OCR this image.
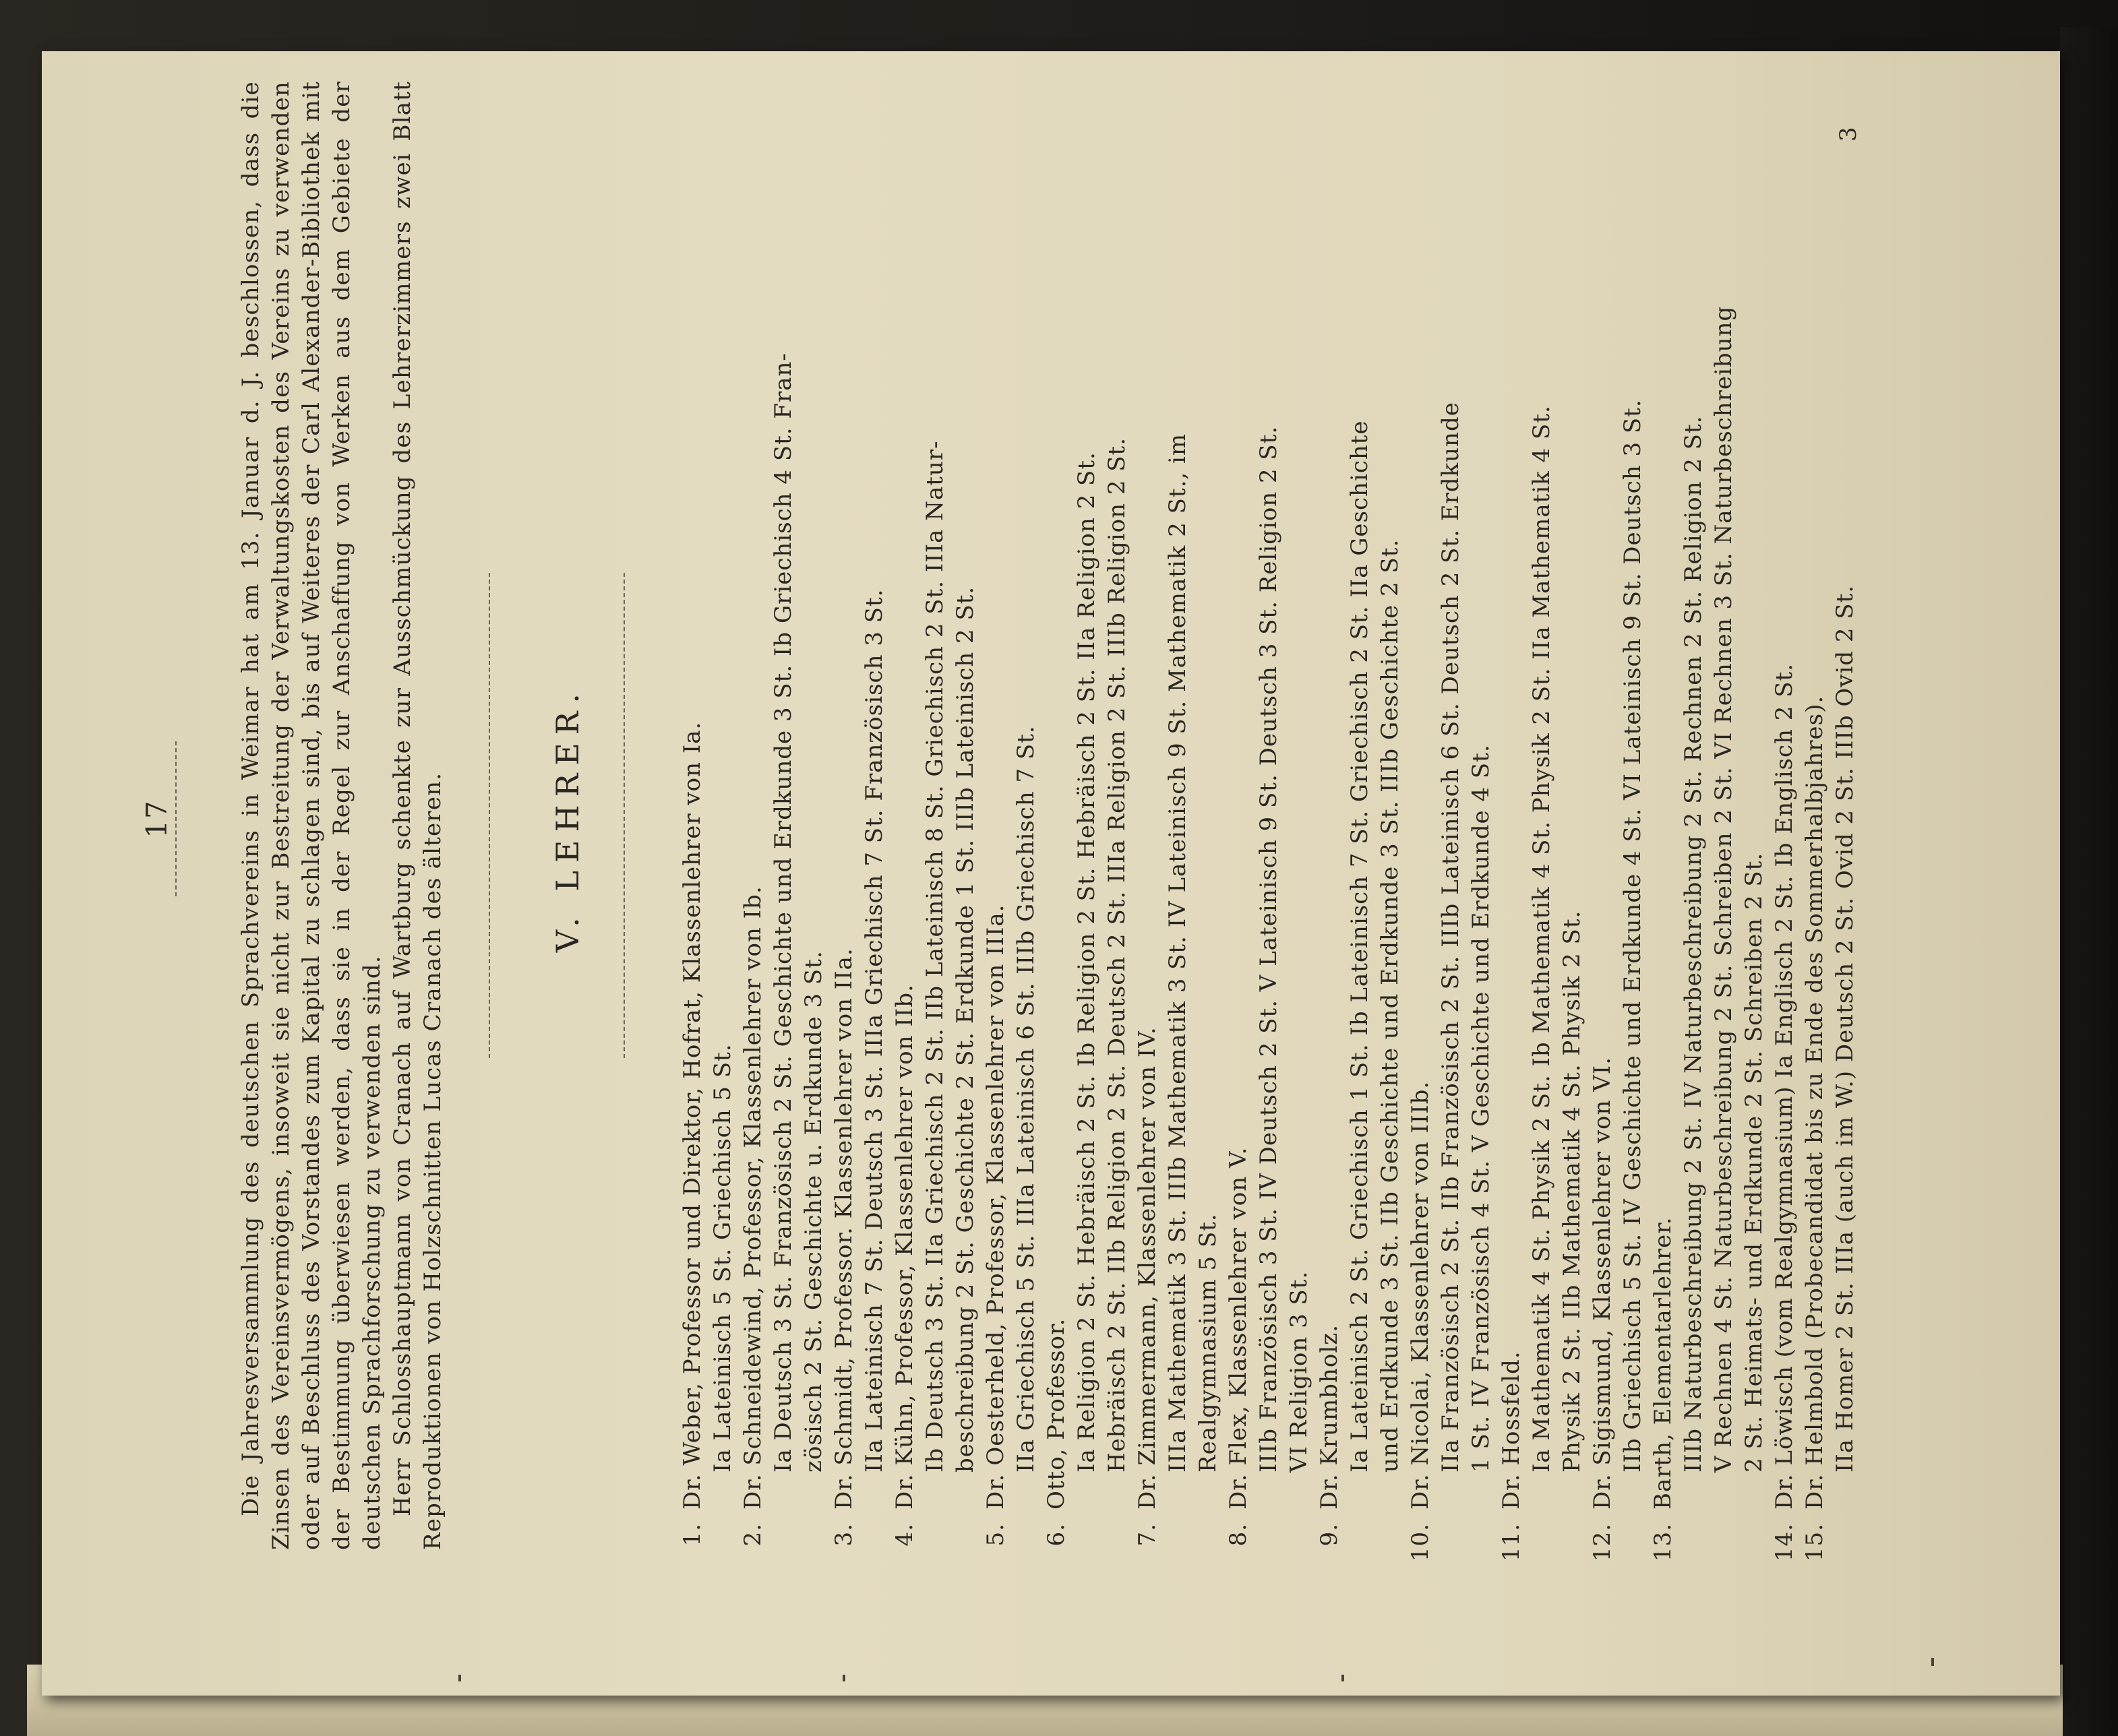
17	Die Jahresversammlung des deutschen Sprachvereins in Weimar hat am 13. Januar d. J. beschlossen, dass die Zinsen des Vereinsvermögens, insoweit sie nicht zur Bestreitung der Verwaltungskosten des Vereins zu verwenden oder auf Beschluss des Vorstandes zum Kapital zu schlagen sind, bis auf Weiteres der Carl Alexander-Bibliothek mit der Bestimmung überwiesen werden, dass sie in der Regel zur Anschaffung von Werken aus dem Gebiete der deutschen Sprachforschung zu verwenden sind. Herr Schlosshauptmann von Cranach auf Wartburg schenkte zur Ausschmückung des Lehrerzimmers zwei Blatt Reproduktionen von Holzschnitten Lucas Cranach des älteren.	V. LEHRER.
1.
Dr. Weber, Professor und Direktor, Hofrat, Klassenlehrer von Ia. Ia Lateinisch 5 St. Griechisch 5 St.
2.
Dr. Schneidewind, Professor, Klassenlehrer von Ib. Ia Deutsch 3 St. Französisch 2 St. Geschichte und Erdkunde 3 St. Ib Griechisch 4 St. Fran- zösisch 2 St. Geschichte u. Erdkunde 3 St.
3.
Dr. Schmidt, Professor. Klassenlehrer von IIa. IIa Lateinisch 7 St. Deutsch 3 St. IIIa Griechisch 7 St. Französisch 3 St.
4.
Dr. Kühn, Professor, Klassenlehrer von IIb. Ib Deutsch 3 St. IIa Griechisch 2 St. IIb Lateinisch 8 St. Griechisch 2 St. IIIa Natur- beschreibung 2 St. Geschichte 2 St. Erdkunde 1 St. IIIb Lateinisch 2 St.
5.
Dr. Oesterheld, Professor, Klassenlehrer von IIIa. IIa Griechisch 5 St. IIIa Lateinisch 6 St. IIIb Griechisch 7 St.
6.
Otto, Professor. Ia Religion 2 St. Hebräisch 2 St. Ib Religion 2 St. Hebräisch 2 St. IIa Religion 2 St. Hebräisch 2 St. IIb Religion 2 St. Deutsch 2 St. IIIa Religion 2 St. IIIb Religion 2 St.
7.
Dr. Zimmermann, Klassenlehrer von IV. IIIa Mathematik 3 St. IIIb Mathematik 3 St. IV Lateinisch 9 St. Mathematik 2 St., im Realgymnasium 5 St.
8.
Dr. Flex, Klassenlehrer von V. IIIb Französisch 3 St. IV Deutsch 2 St. V Lateinisch 9 St. Deutsch 3 St. Religion 2 St. VI Religion 3 St.
9.
Dr. Krumbholz. Ia Lateinisch 2 St. Griechisch 1 St. Ib Lateinisch 7 St. Griechisch 2 St. IIa Geschichte und Erdkunde 3 St. IIb Geschichte und Erdkunde 3 St. IIIb Geschichte 2 St.
10.
Dr. Nicolai, Klassenlehrer von IIIb. IIa Französisch 2 St. IIb Französisch 2 St. IIIb Lateinisch 6 St. Deutsch 2 St. Erdkunde 1 St. IV Französisch 4 St. V Geschichte und Erdkunde 4 St.
11.
Dr. Hossfeld. Ia Mathematik 4 St. Physik 2 St. Ib Mathematik 4 St. Physik 2 St. IIa Mathematik 4 St. Physik 2 St. IIb Mathematik 4 St. Physik 2 St.
12.
Dr. Sigismund, Klassenlehrer von VI. IIb Griechisch 5 St. IV Geschichte und Erdkunde 4 St. VI Lateinisch 9 St. Deutsch 3 St.
13.
Barth, Elementarlehrer. IIIb Naturbeschreibung 2 St. IV Naturbeschreibung 2 St. Rechnen 2 St. Religion 2 St. V Rechnen 4 St. Naturbeschreibung 2 St. Schreiben 2 St. VI Rechnen 3 St. Naturbeschreibung 2 St. Heimats- und Erdkunde 2 St. Schreiben 2 St.
14.
Dr. Löwisch (vom Realgymnasium) Ia Englisch 2 St. Ib Englisch 2 St.
15.
Dr. Helmbold (Probecandidat bis zu Ende des Sommerhalbjahres). IIa Homer 2 St. IIIa (auch im W.) Deutsch 2 St. Ovid 2 St. IIIb Ovid 2 St.
3
